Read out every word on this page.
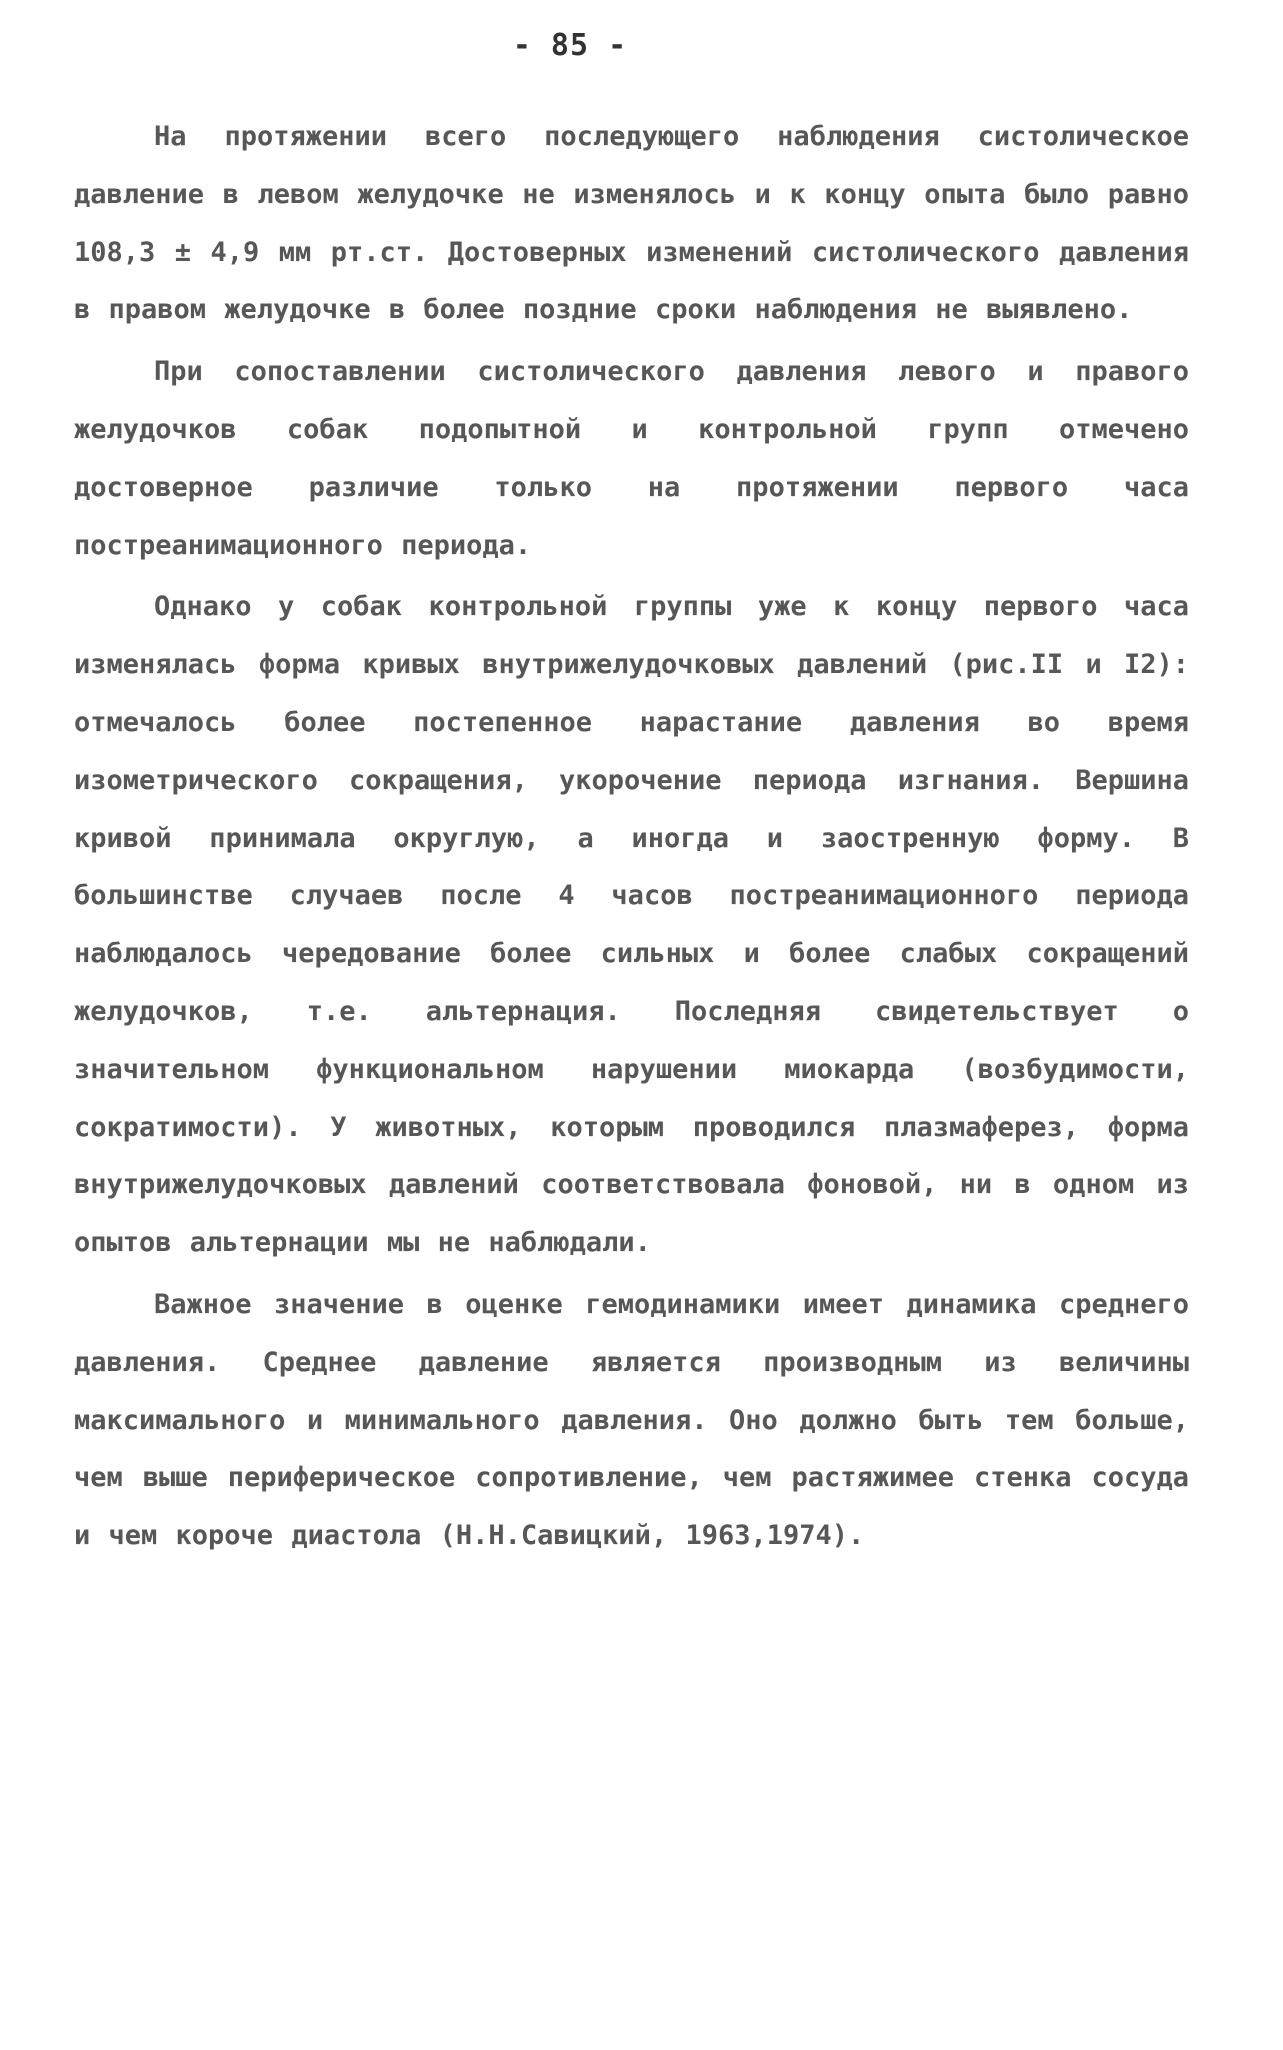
- 85 -

На протяжении всего последующего наблюдения систолическое давление в левом желудочке не изменялось и к концу опыта было равно 108,3 ± 4,9 мм рт.ст. Достоверных изменений систолического давления в правом желудочке в более поздние сроки наблюдения не выявлено.

При сопоставлении систолического давления левого и правого желудочков собак подопытной и контрольной групп отмечено достоверное различие только на протяжении первого часа постреанимационного периода.

Однако у собак контрольной группы уже к концу первого часа изменялась форма кривых внутрижелудочковых давлений (рис.II и I2): отмечалось более постепенное нарастание давления во время изометрического сокращения, укорочение периода изгнания. Вершина кривой принимала округлую, а иногда и заостренную форму. В большинстве случаев после 4 часов постреанимационного периода наблюдалось чередование более сильных и более слабых сокращений желудочков, т.е. альтернация. Последняя свидетельствует о значительном функциональном нарушении миокарда (возбудимости, сократимости). У животных, которым проводился плазмаферез, форма внутрижелудочковых давлений соответствовала фоновой, ни в одном из опытов альтернации мы не наблюдали.

Важное значение в оценке гемодинамики имеет динамика среднего давления. Среднее давление является производным из величины максимального и минимального давления. Оно должно быть тем больше, чем выше периферическое сопротивление, чем растяжимее стенка сосуда и чем короче диастола (Н.Н.Савицкий, 1963,1974).
